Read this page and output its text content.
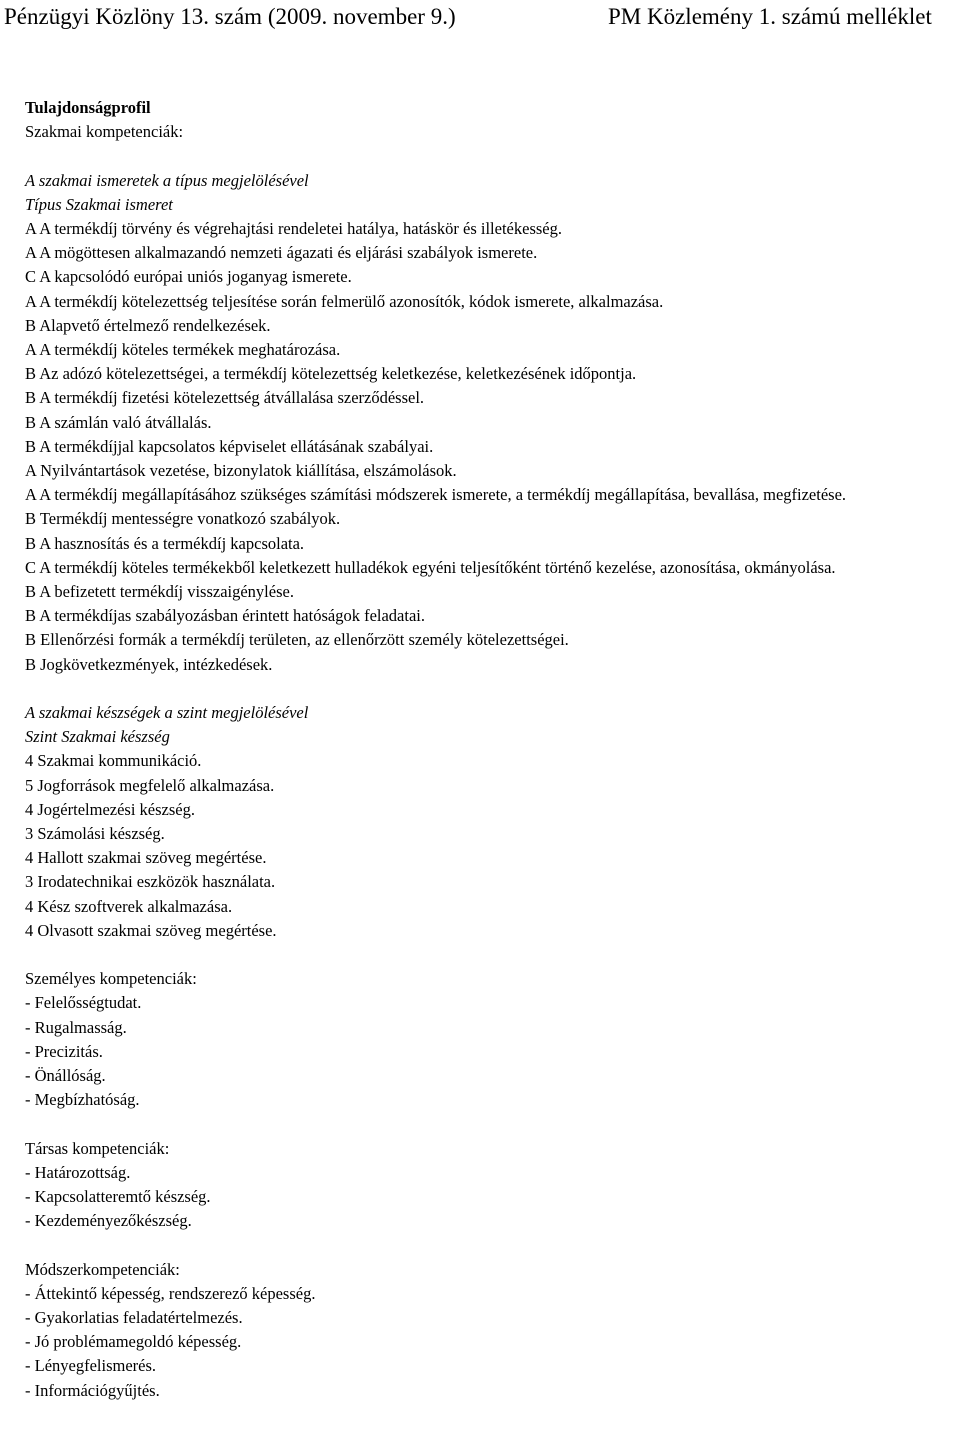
Pénzügyi Közlöny 13. szám (2009. november 9.)	PM Közlemény 1. számú melléklet
Tulajdonságprofil
Szakmai kompetenciák:
A szakmai ismeretek a típus megjelölésével
Típus Szakmai ismeret
A A termékdíj törvény és végrehajtási rendeletei hatálya, hatáskör és illetékesség.
A A mögöttesen alkalmazandó nemzeti ágazati és eljárási szabályok ismerete.
C A kapcsolódó európai uniós joganyag ismerete.
A A termékdíj kötelezettség teljesítése során felmerülő azonosítók, kódok ismerete, alkalmazása.
B Alapvető értelmező rendelkezések.
A A termékdíj köteles termékek meghatározása.
B Az adózó kötelezettségei, a termékdíj kötelezettség keletkezése, keletkezésének időpontja.
B A termékdíj fizetési kötelezettség átvállalása szerződéssel.
B A számlán való átvállalás.
B A termékdíjjal kapcsolatos képviselet ellátásának szabályai.
A Nyilvántartások vezetése, bizonylatok kiállítása, elszámolások.
A A termékdíj megállapításához szükséges számítási módszerek ismerete, a termékdíj megállapítása, bevallása, megfizetése.
B Termékdíj mentességre vonatkozó szabályok.
B A hasznosítás és a termékdíj kapcsolata.
C A termékdíj köteles termékekből keletkezett hulladékok egyéni teljesítőként történő kezelése, azonosítása, okmányolása.
B A befizetett termékdíj visszaigénylése.
B A termékdíjas szabályozásban érintett hatóságok feladatai.
B Ellenőrzési formák a termékdíj területen, az ellenőrzött személy kötelezettségei.
B Jogkövetkezmények, intézkedések.
A szakmai készségek a szint megjelölésével
Szint Szakmai készség
4 Szakmai kommunikáció.
5 Jogforrások megfelelő alkalmazása.
4 Jogértelmezési készség.
3 Számolási készség.
4 Hallott szakmai szöveg megértése.
3 Irodatechnikai eszközök használata.
4 Kész szoftverek alkalmazása.
4 Olvasott szakmai szöveg megértése.
Személyes kompetenciák:
- Felelősségtudat.
- Rugalmasság.
- Precizitás.
- Önállóság.
- Megbízhatóság.
Társas kompetenciák:
- Határozottság.
- Kapcsolatteremtő készség.
- Kezdeményezőkészség.
Módszerkompetenciák:
- Áttekintő képesség, rendszerező képesség.
- Gyakorlatias feladatértelmezés.
- Jó problémamegoldó képesség.
- Lényegfelismerés.
- Információgyűjtés.
